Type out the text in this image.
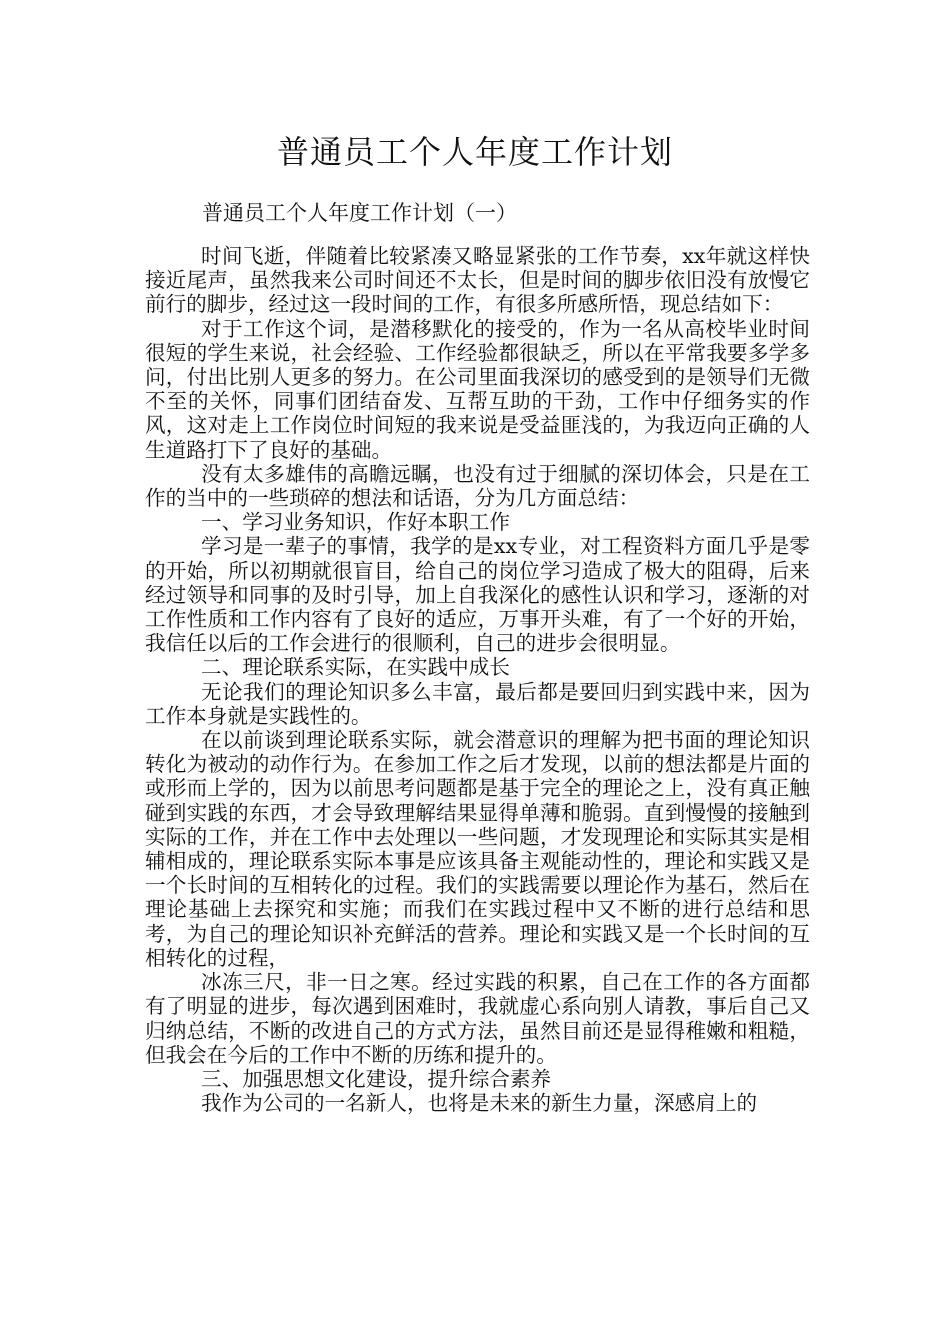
普通员工个人年度工作计划
普通员工个人年度工作计划（一）

时间飞逝，伴随着比较紧凑又略显紧张的工作节奏，xx年就这样快接近尾声，虽然我来公司时间还不太长，但是时间的脚步依旧没有放慢它前行的脚步，经过这一段时间的工作，有很多所感所悟，现总结如下：

对于工作这个词，是潜移默化的接受的，作为一名从高校毕业时间很短的学生来说，社会经验、工作经验都很缺乏，所以在平常我要多学多问，付出比别人更多的努力。在公司里面我深切的感受到的是领导们无微不至的关怀，同事们团结奋发、互帮互助的干劲，工作中仔细务实的作风，这对走上工作岗位时间短的我来说是受益匪浅的，为我迈向正确的人生道路打下了良好的基础。

没有太多雄伟的高瞻远瞩，也没有过于细腻的深切体会，只是在工作的当中的一些琐碎的想法和话语，分为几方面总结：

一、学习业务知识，作好本职工作

学习是一辈子的事情，我学的是xx专业，对工程资料方面几乎是零的开始，所以初期就很盲目，给自己的岗位学习造成了极大的阻碍，后来经过领导和同事的及时引导，加上自我深化的感性认识和学习，逐渐的对工作性质和工作内容有了良好的适应，万事开头难，有了一个好的开始，我信任以后的工作会进行的很顺利，自己的进步会很明显。

二、理论联系实际，在实践中成长

无论我们的理论知识多么丰富，最后都是要回归到实践中来，因为工作本身就是实践性的。

在以前谈到理论联系实际，就会潜意识的理解为把书面的理论知识转化为被动的动作行为。在参加工作之后才发现，以前的想法都是片面的或形而上学的，因为以前思考问题都是基于完全的理论之上，没有真正触碰到实践的东西，才会导致理解结果显得单薄和脆弱。直到慢慢的接触到实际的工作，并在工作中去处理以一些问题，才发现理论和实际其实是相辅相成的，理论联系实际本事是应该具备主观能动性的，理论和实践又是一个长时间的互相转化的过程。我们的实践需要以理论作为基石，然后在理论基础上去探究和实施；而我们在实践过程中又不断的进行总结和思考，为自己的理论知识补充鲜活的营养。理论和实践又是一个长时间的互相转化的过程，

冰冻三尺，非一日之寒。经过实践的积累，自己在工作的各方面都有了明显的进步，每次遇到困难时，我就虚心系向别人请教，事后自己又归纳总结，不断的改进自己的方式方法，虽然目前还是显得稚嫩和粗糙，但我会在今后的工作中不断的历练和提升的。

三、加强思想文化建设，提升综合素养

我作为公司的一名新人，也将是未来的新生力量，深感肩上的
